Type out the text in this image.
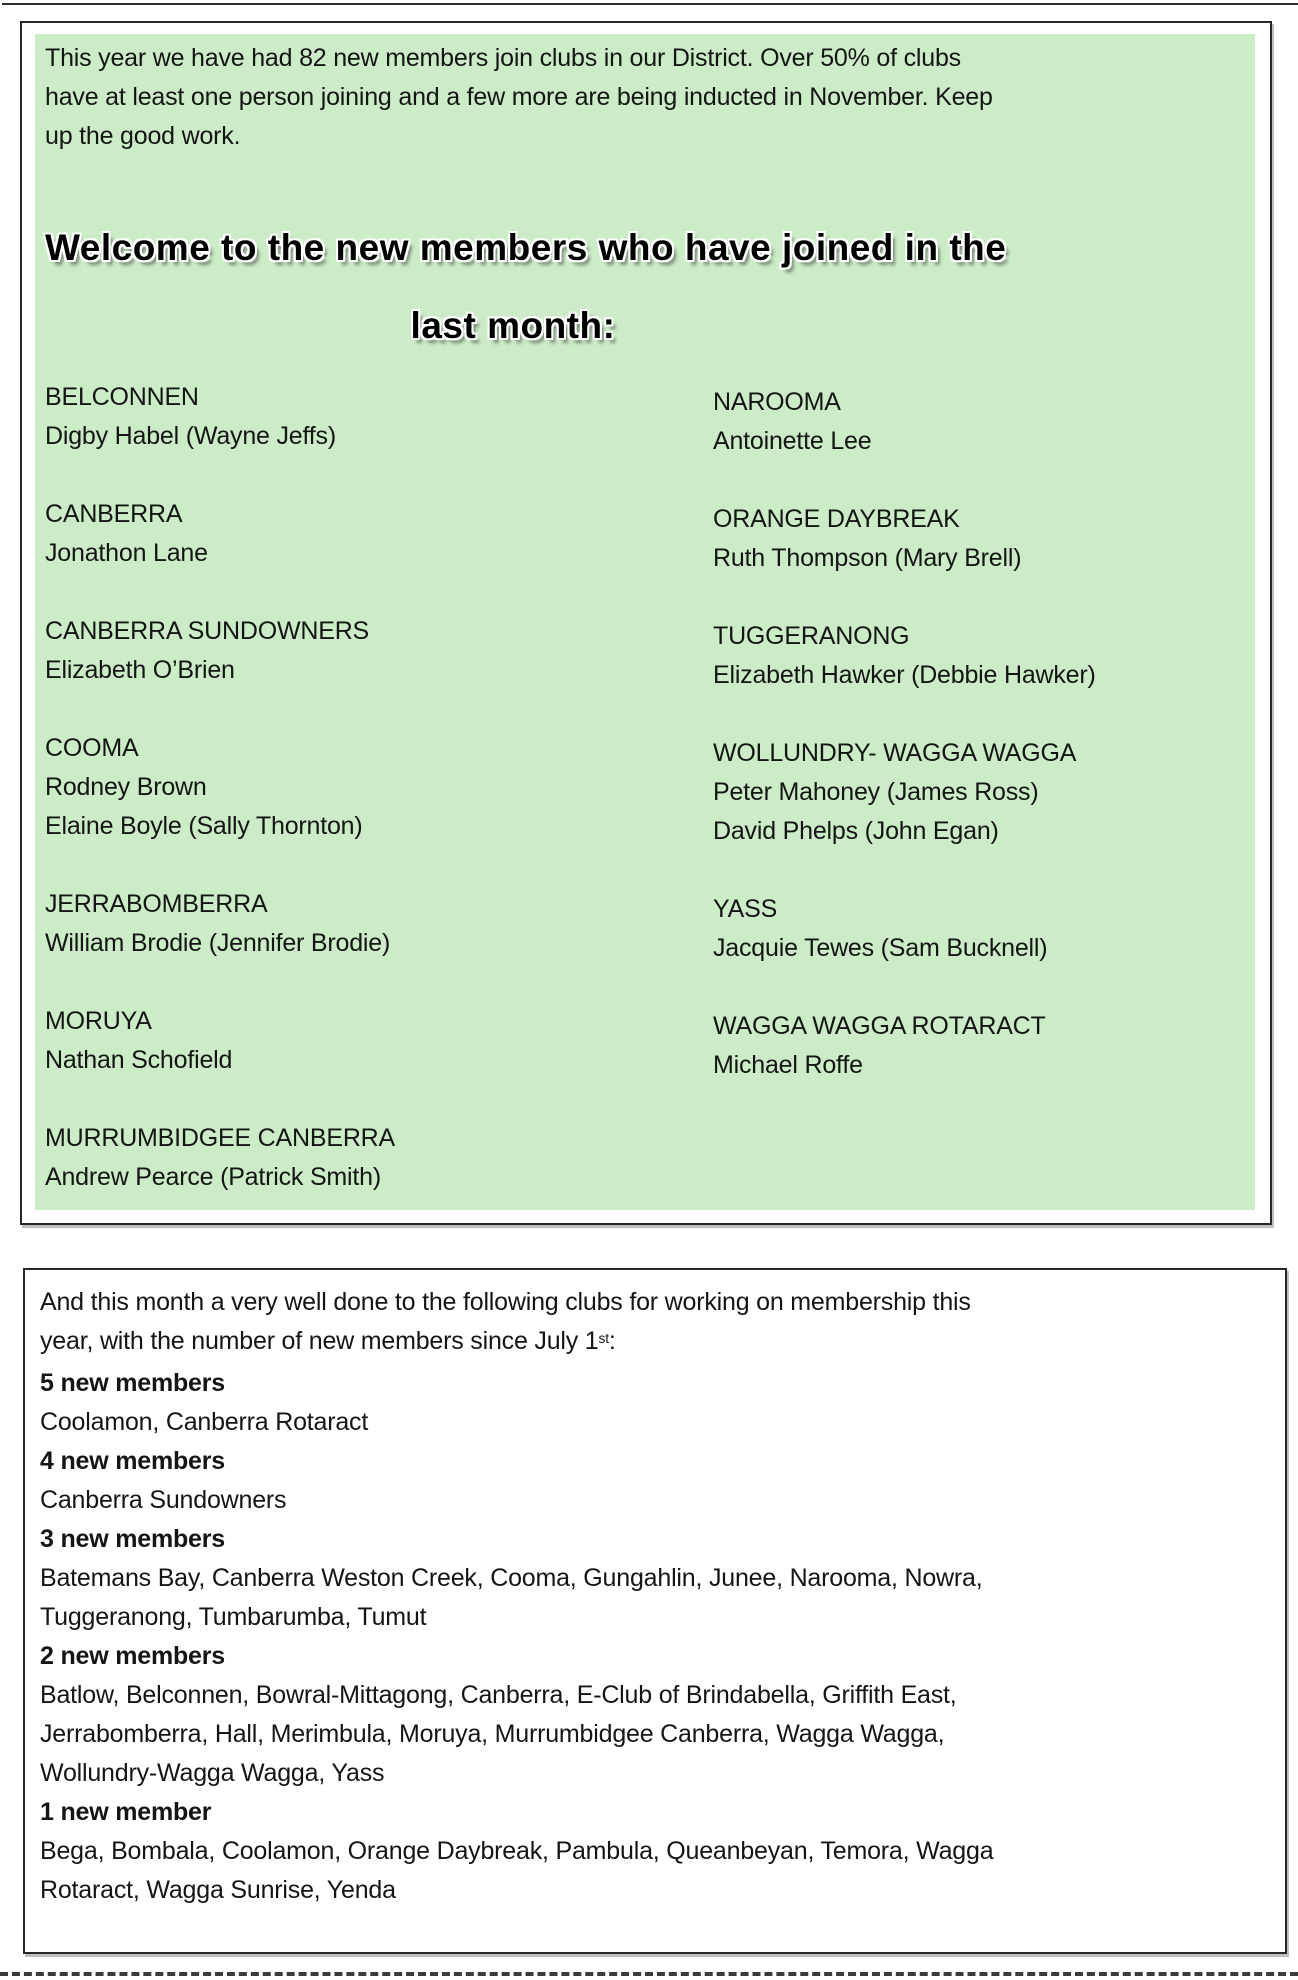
This year we have had 82 new members join clubs in our District. Over 50% of clubs
have at least one person joining and a few more are being inducted in November. Keep
up the good work.

Welcome to the new members who have joined in the
last month:
BELCONNEN
Digby Habel (Wayne Jeffs)
CANBERRA
Jonathon Lane
CANBERRA SUNDOWNERS
Elizabeth O’Brien
COOMA
Rodney Brown
Elaine Boyle (Sally Thornton)
JERRABOMBERRA
William Brodie (Jennifer Brodie)
MORUYA
Nathan Schofield
MURRUMBIDGEE CANBERRA
Andrew Pearce (Patrick Smith)
NAROOMA
Antoinette Lee
ORANGE DAYBREAK
Ruth Thompson (Mary Brell)
TUGGERANONG
Elizabeth Hawker (Debbie Hawker)
WOLLUNDRY- WAGGA WAGGA
Peter Mahoney (James Ross)
David Phelps (John Egan)
YASS
Jacquie Tewes (Sam Bucknell)
WAGGA WAGGA ROTARACT
Michael Roffe

And this month a very well done to the following clubs for working on membership this

year, with the number of new members since July 1st:

5 new members
Coolamon, Canberra Rotaract
4 new members
Canberra Sundowners
3 new members
Batemans Bay, Canberra Weston Creek, Cooma, Gungahlin, Junee, Narooma, Nowra,
Tuggeranong, Tumbarumba, Tumut
2 new members
Batlow, Belconnen, Bowral-Mittagong, Canberra, E-Club of Brindabella, Griffith East,
Jerrabomberra, Hall, Merimbula, Moruya, Murrumbidgee Canberra, Wagga Wagga,
Wollundry-Wagga Wagga, Yass
1 new member
Bega, Bombala, Coolamon, Orange Daybreak, Pambula, Queanbeyan, Temora, Wagga
Rotaract, Wagga Sunrise, Yenda
